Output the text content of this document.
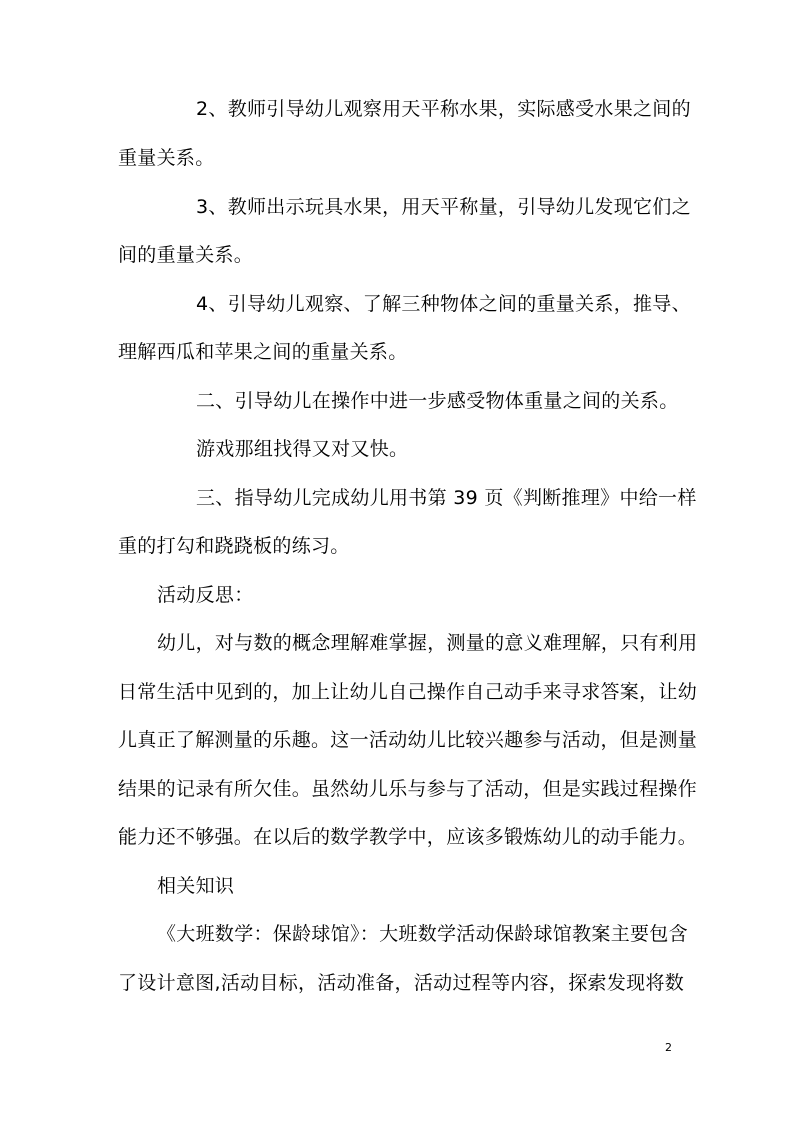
2、教师引导幼儿观察用天平称水果，实际感受水果之间的
重量关系。
3、教师出示玩具水果，用天平称量，引导幼儿发现它们之
间的重量关系。
4、引导幼儿观察、了解三种物体之间的重量关系，推导、
理解西瓜和苹果之间的重量关系。
二、引导幼儿在操作中进一步感受物体重量之间的关系。
游戏那组找得又对又快。
三、指导幼儿完成幼儿用书第 39 页《判断推理》中给一样
重的打勾和跷跷板的练习。
活动反思：
幼儿，对与数的概念理解难掌握，测量的意义难理解，只有利用
日常生活中见到的，加上让幼儿自己操作自己动手来寻求答案，让幼
儿真正了解测量的乐趣。这一活动幼儿比较兴趣参与活动，但是测量
结果的记录有所欠佳。虽然幼儿乐与参与了活动，但是实践过程操作
能力还不够强。在以后的数学教学中，应该多锻炼幼儿的动手能力。
相关知识
《大班数学：保龄球馆》：大班数学活动保龄球馆教案主要包含
了设计意图,活动目标，活动准备，活动过程等内容，探索发现将数
2
